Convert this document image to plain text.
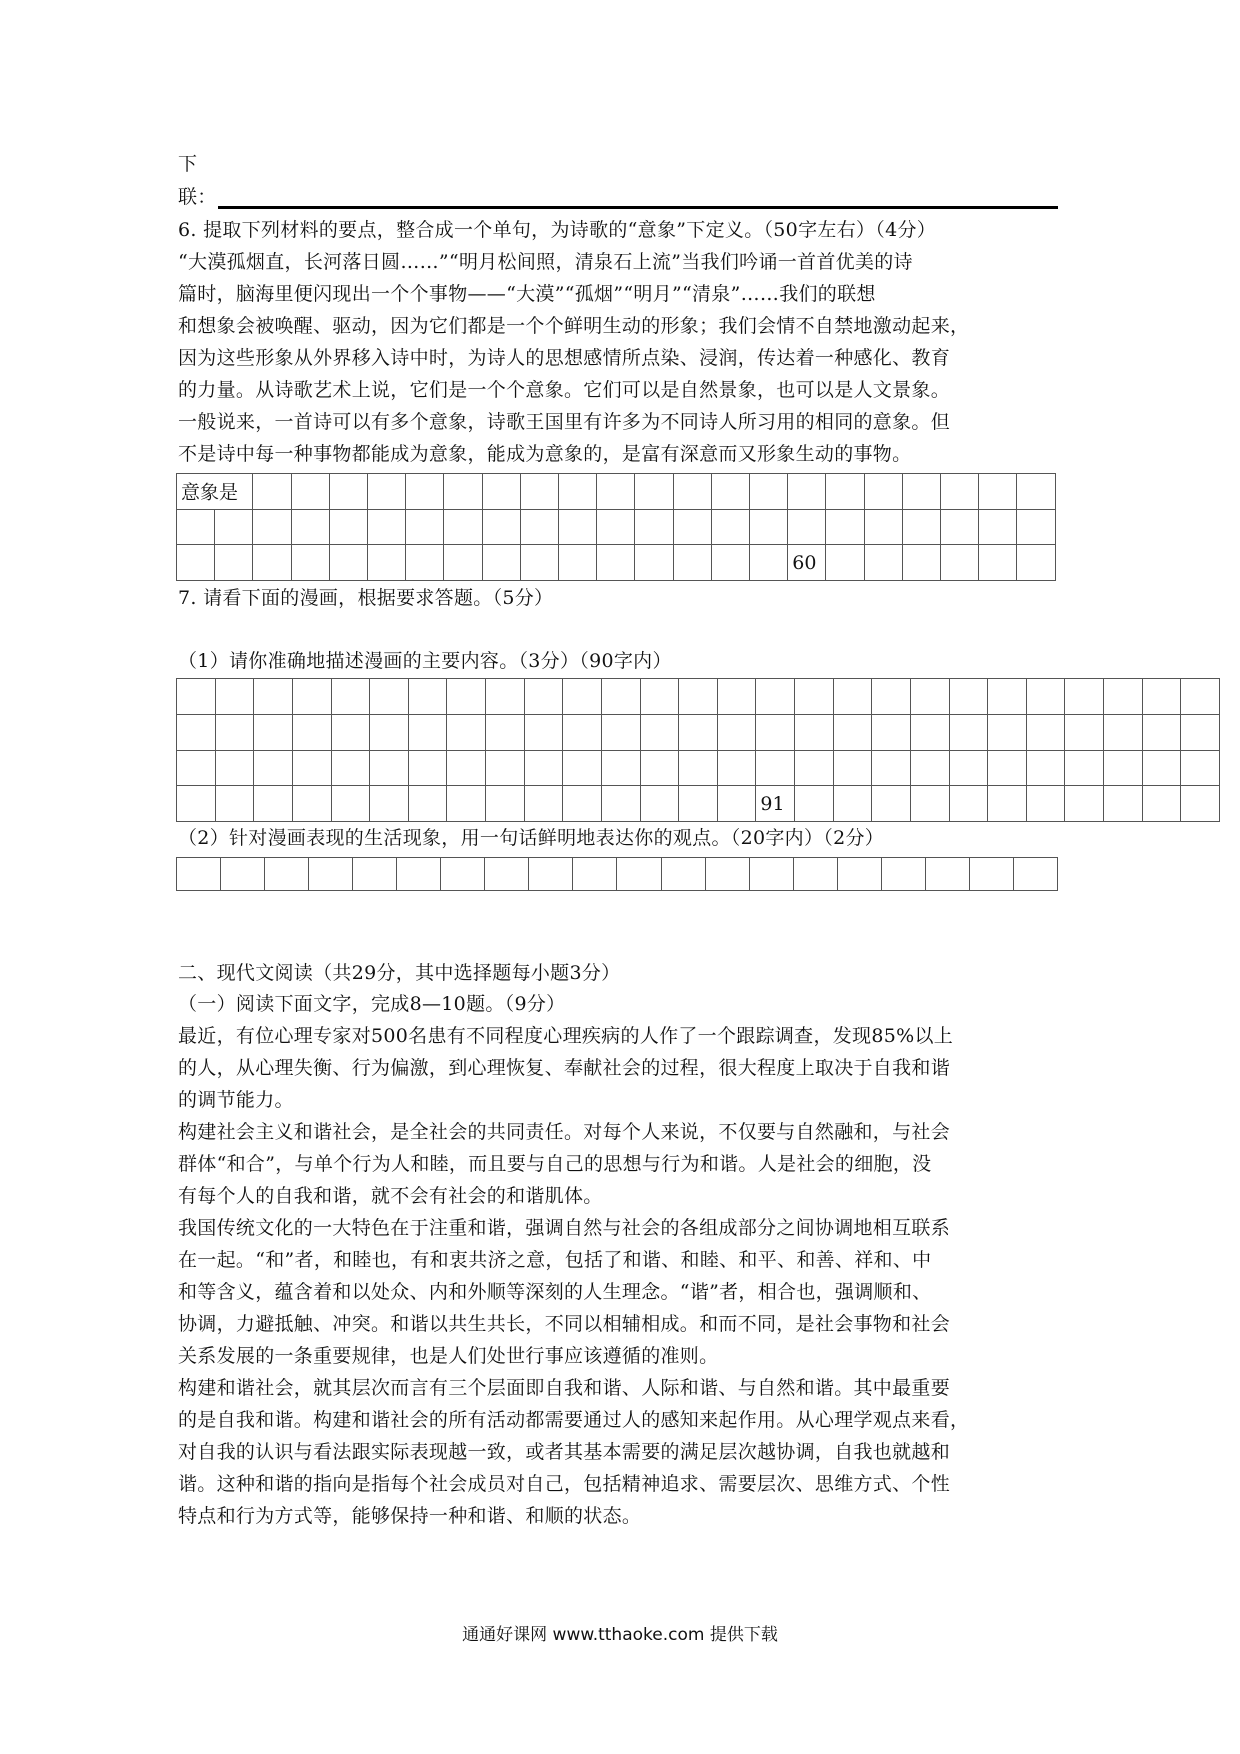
下
联：
6. 提取下列材料的要点，整合成一个单句，为诗歌的“意象”下定义。（50字左右）（4分）
“大漠孤烟直，长河落日圆……”“明月松间照，清泉石上流”当我们吟诵一首首优美的诗
篇时，脑海里便闪现出一个个事物——“大漠”“孤烟”“明月”“清泉”……我们的联想
和想象会被唤醒、驱动，因为它们都是一个个鲜明生动的形象；我们会情不自禁地激动起来，
因为这些形象从外界移入诗中时，为诗人的思想感情所点染、浸润，传达着一种感化、教育
的力量。从诗歌艺术上说，它们是一个个意象。它们可以是自然景象，也可以是人文景象。
一般说来，一首诗可以有多个意象，诗歌王国里有许多为不同诗人所习用的相同的意象。但
不是诗中每一种事物都能成为意象，能成为意象的，是富有深意而又形象生动的事物。
意象是																						

																60						

7. 请看下面的漫画，根据要求答题。（5分）
（1）请你准确地描述漫画的主要内容。（3分）（90字内）

															91											

（2）针对漫画表现的生活现象，用一句话鲜明地表达你的观点。（20字内）（2分）

二、现代文阅读（共29分，其中选择题每小题3分）
（一）阅读下面文字，完成8—10题。（9分）
最近，有位心理专家对500名患有不同程度心理疾病的人作了一个跟踪调查，发现85%以上
的人，从心理失衡、行为偏激，到心理恢复、奉献社会的过程，很大程度上取决于自我和谐
的调节能力。
构建社会主义和谐社会，是全社会的共同责任。对每个人来说，不仅要与自然融和，与社会
群体“和合”，与单个行为人和睦，而且要与自己的思想与行为和谐。人是社会的细胞，没
有每个人的自我和谐，就不会有社会的和谐肌体。
我国传统文化的一大特色在于注重和谐，强调自然与社会的各组成部分之间协调地相互联系
在一起。“和”者，和睦也，有和衷共济之意，包括了和谐、和睦、和平、和善、祥和、中
和等含义，蕴含着和以处众、内和外顺等深刻的人生理念。“谐”者，相合也，强调顺和、
协调，力避抵触、冲突。和谐以共生共长，不同以相辅相成。和而不同，是社会事物和社会
关系发展的一条重要规律，也是人们处世行事应该遵循的准则。
构建和谐社会，就其层次而言有三个层面即自我和谐、人际和谐、与自然和谐。其中最重要
的是自我和谐。构建和谐社会的所有活动都需要通过人的感知来起作用。从心理学观点来看，
对自我的认识与看法跟实际表现越一致，或者其基本需要的满足层次越协调，自我也就越和
谐。这种和谐的指向是指每个社会成员对自己，包括精神追求、需要层次、思维方式、个性
特点和行为方式等，能够保持一种和谐、和顺的状态。
通通好课网 www.tthaoke.com 提供下载
